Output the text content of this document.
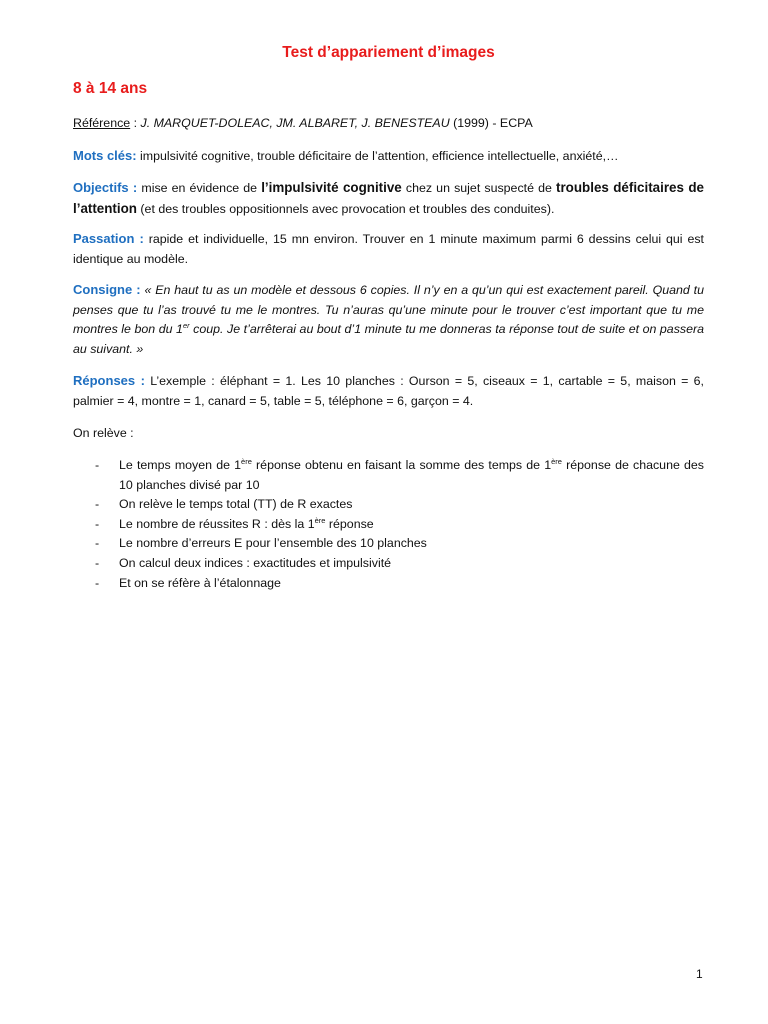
Test d’appariement d’images
8 à 14 ans
Référence : J. MARQUET-DOLEAC, JM. ALBARET, J. BENESTEAU (1999) - ECPA
Mots clés: impulsivité cognitive, trouble déficitaire de l’attention, efficience intellectuelle, anxiété,…
Objectifs : mise en évidence de l’impulsivité cognitive chez un sujet suspecté de troubles déficitaires de l’attention (et des troubles oppositionnels avec provocation et troubles des conduites).
Passation : rapide et individuelle, 15 mn environ. Trouver en 1 minute maximum parmi 6 dessins celui qui est identique au modèle.
Consigne : « En haut tu as un modèle et dessous 6 copies. Il n’y en a qu’un qui est exactement pareil. Quand tu penses que tu l’as trouvé tu me le montres. Tu n’auras qu’une minute pour le trouver c’est important que tu me montres le bon du 1er coup. Je t’arrêterai au bout d’1 minute tu me donneras ta réponse tout de suite et on passera au suivant. »
Réponses : L’exemple : éléphant = 1. Les 10 planches : Ourson = 5, ciseaux = 1, cartable = 5, maison = 6, palmier = 4, montre = 1, canard = 5, table = 5, téléphone = 6, garçon = 4.
On relève :
- Le temps moyen de 1ère réponse obtenu en faisant la somme des temps de 1ère réponse de chacune des 10 planches divisé par 10
- On relève le temps total (TT) de R exactes
- Le nombre de réussites R : dès la 1ère réponse
- Le nombre d’erreurs E pour l’ensemble des 10 planches
- On calcul deux indices : exactitudes et impulsivité
- Et on se réfère à l’étalonnage
1
